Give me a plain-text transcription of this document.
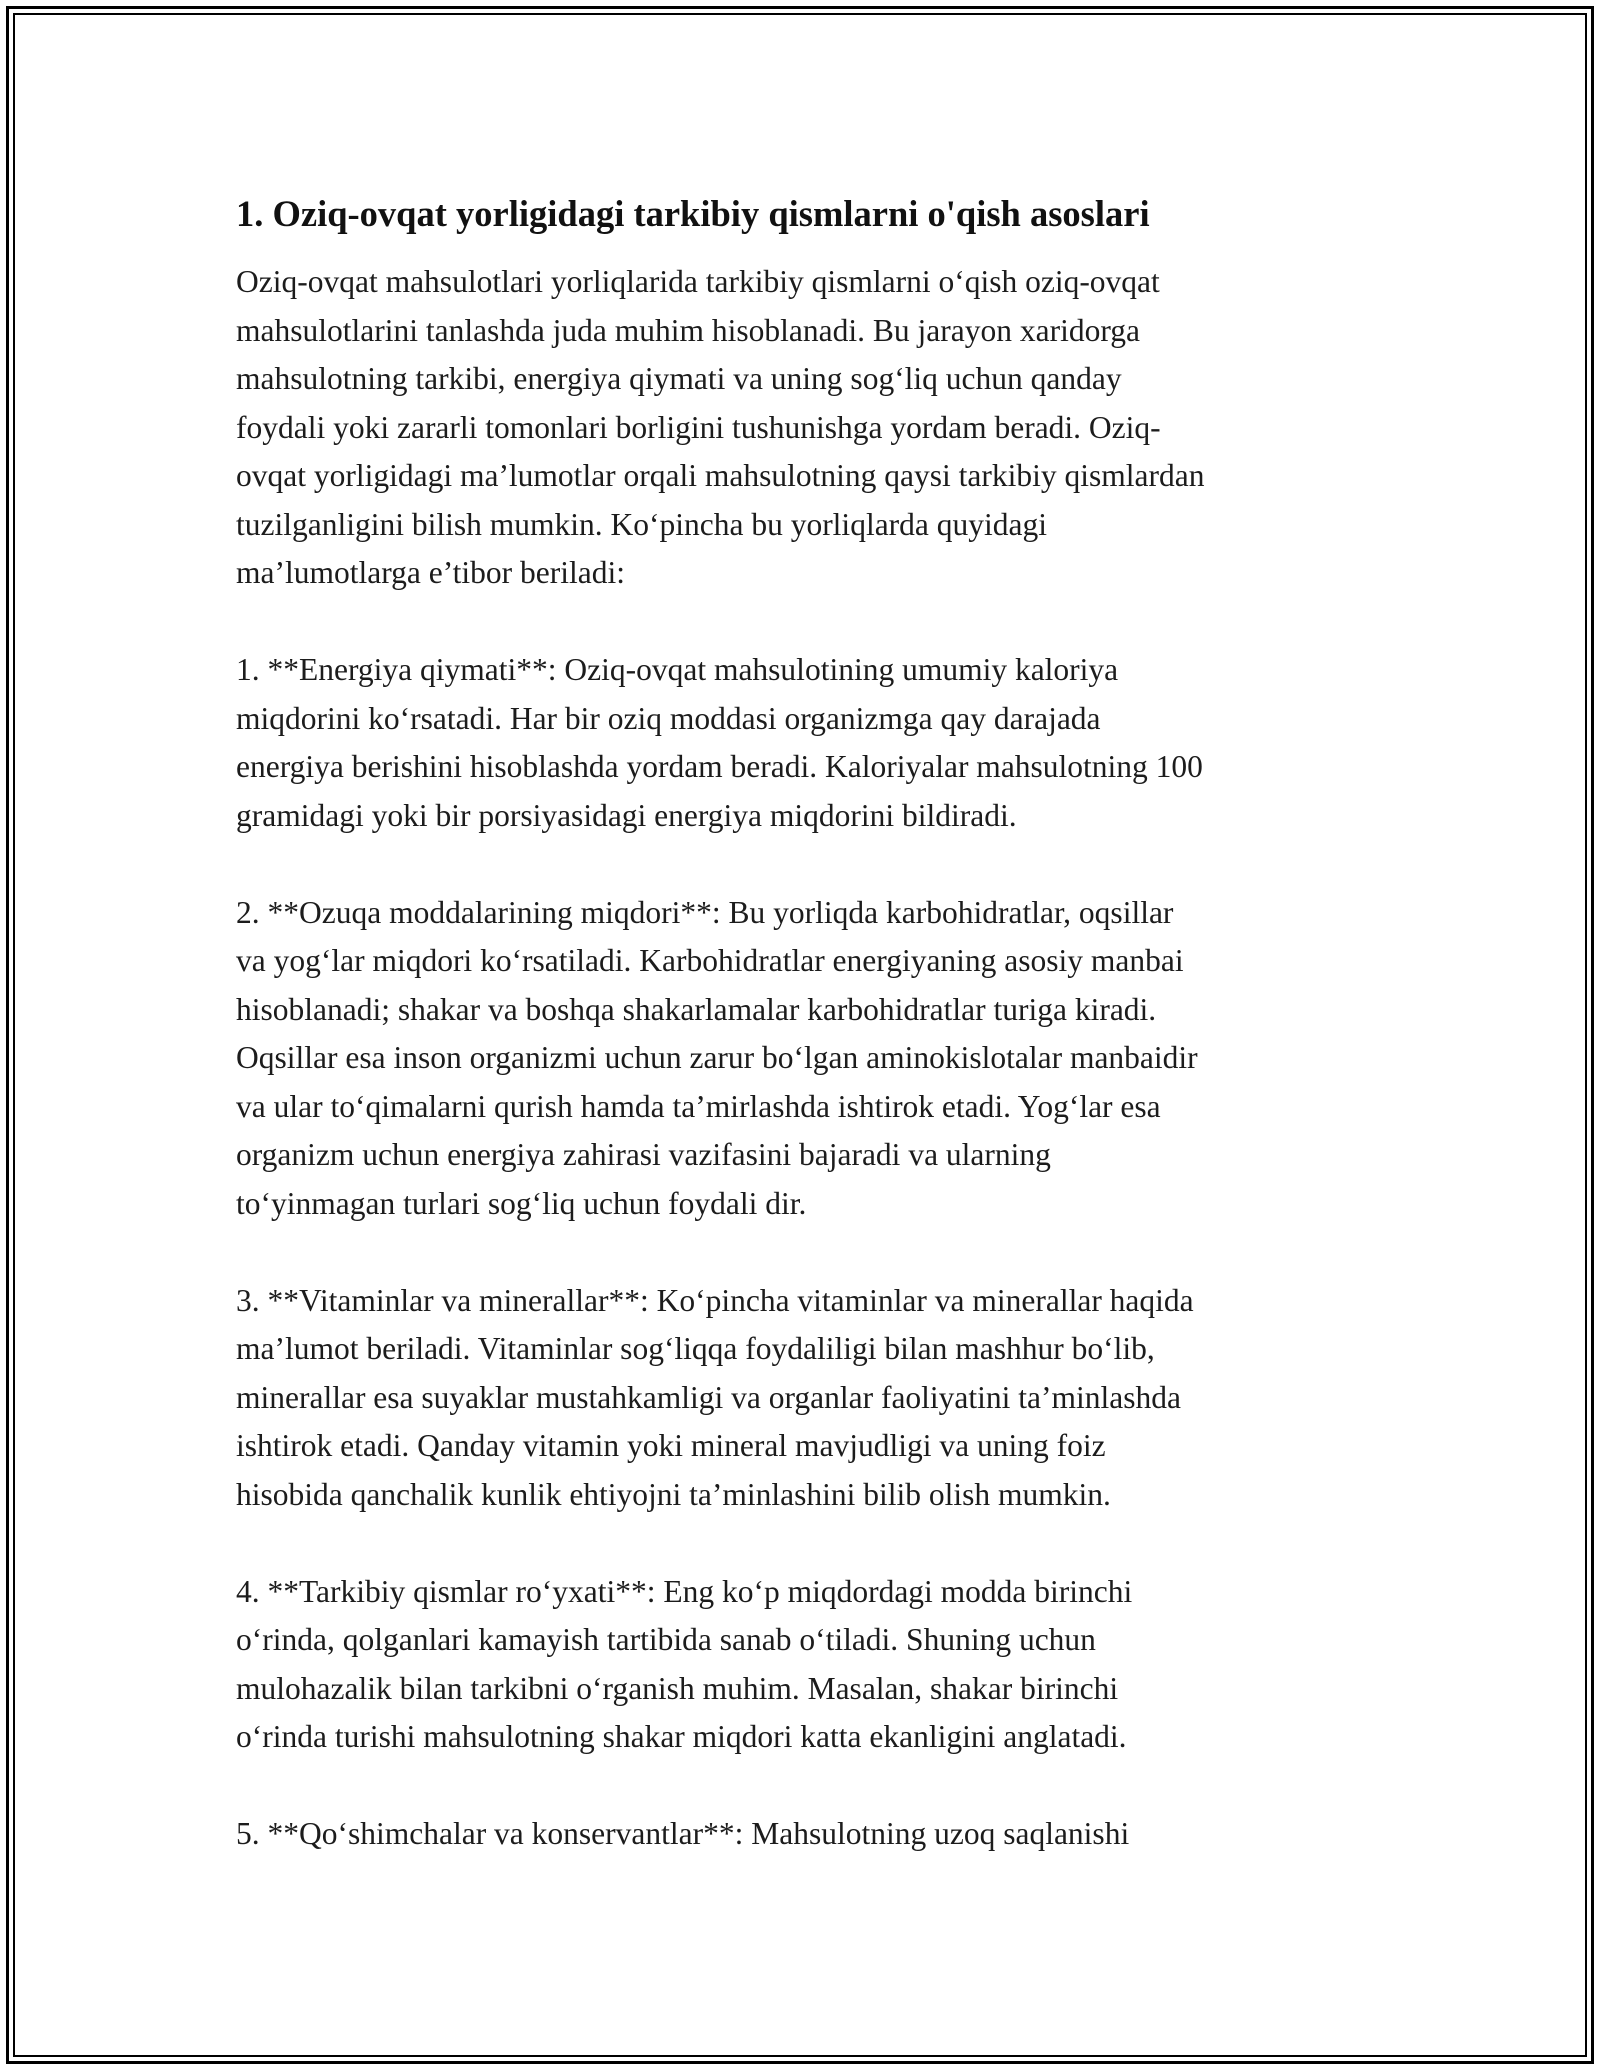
1. Oziq-ovqat yorligidagi tarkibiy qismlarni o'qish asoslari
Oziq-ovqat mahsulotlari yorliqlarida tarkibiy qismlarni o‘qish oziq-ovqat
mahsulotlarini tanlashda juda muhim hisoblanadi. Bu jarayon xaridorga
mahsulotning tarkibi, energiya qiymati va uning sog‘liq uchun qanday
foydali yoki zararli tomonlari borligini tushunishga yordam beradi. Oziq-
ovqat yorligidagi ma’lumotlar orqali mahsulotning qaysi tarkibiy qismlardan
tuzilganligini bilish mumkin. Ko‘pincha bu yorliqlarda quyidagi
ma’lumotlarga e’tibor beriladi:

1. **Energiya qiymati**: Oziq-ovqat mahsulotining umumiy kaloriya
miqdorini ko‘rsatadi. Har bir oziq moddasi organizmga qay darajada
energiya berishini hisoblashda yordam beradi. Kaloriyalar mahsulotning 100
gramidagi yoki bir porsiyasidagi energiya miqdorini bildiradi.

2. **Ozuqa moddalarining miqdori**: Bu yorliqda karbohidratlar, oqsillar
va yog‘lar miqdori ko‘rsatiladi. Karbohidratlar energiyaning asosiy manbai
hisoblanadi; shakar va boshqa shakarlamalar karbohidratlar turiga kiradi.
Oqsillar esa inson organizmi uchun zarur bo‘lgan aminokislotalar manbaidir
va ular to‘qimalarni qurish hamda ta’mirlashda ishtirok etadi. Yog‘lar esa
organizm uchun energiya zahirasi vazifasini bajaradi va ularning
to‘yinmagan turlari sog‘liq uchun foydali dir.

3. **Vitaminlar va minerallar**: Ko‘pincha vitaminlar va minerallar haqida
ma’lumot beriladi. Vitaminlar sog‘liqqa foydaliligi bilan mashhur bo‘lib,
minerallar esa suyaklar mustahkamligi va organlar faoliyatini ta’minlashda
ishtirok etadi. Qanday vitamin yoki mineral mavjudligi va uning foiz
hisobida qanchalik kunlik ehtiyojni ta’minlashini bilib olish mumkin.

4. **Tarkibiy qismlar ro‘yxati**: Eng ko‘p miqdordagi modda birinchi
o‘rinda, qolganlari kamayish tartibida sanab o‘tiladi. Shuning uchun
mulohazalik bilan tarkibni o‘rganish muhim. Masalan, shakar birinchi
o‘rinda turishi mahsulotning shakar miqdori katta ekanligini anglatadi.

5. **Qo‘shimchalar va konservantlar**: Mahsulotning uzoq saqlanishi
